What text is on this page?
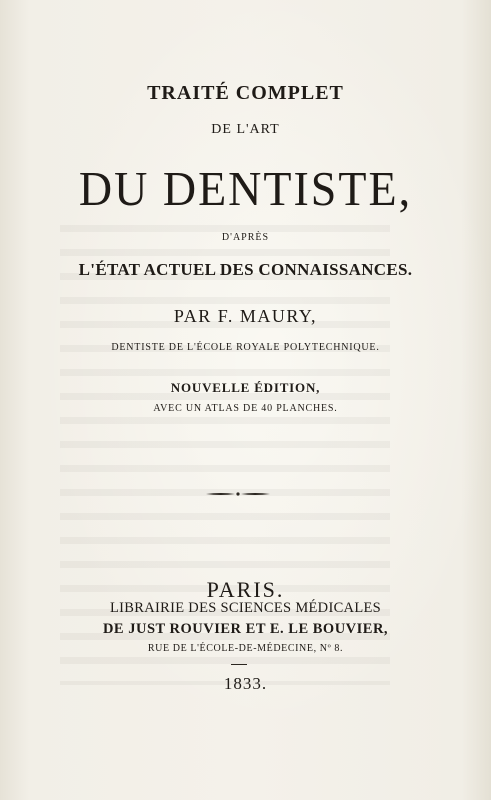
TRAITÉ COMPLET
DE L'ART
DU DENTISTE,
D'APRÈS
L'ÉTAT ACTUEL DES CONNAISSANCES.
PAR F. MAURY,
DENTISTE DE L'ÉCOLE ROYALE POLYTECHNIQUE.
NOUVELLE ÉDITION,
AVEC UN ATLAS DE 40 PLANCHES.
PARIS.
LIBRAIRIE DES SCIENCES MÉDICALES
DE JUST ROUVIER ET E. LE BOUVIER,
RUE DE L'ÉCOLE-DE-MÉDECINE, Nº 8.
1833.
